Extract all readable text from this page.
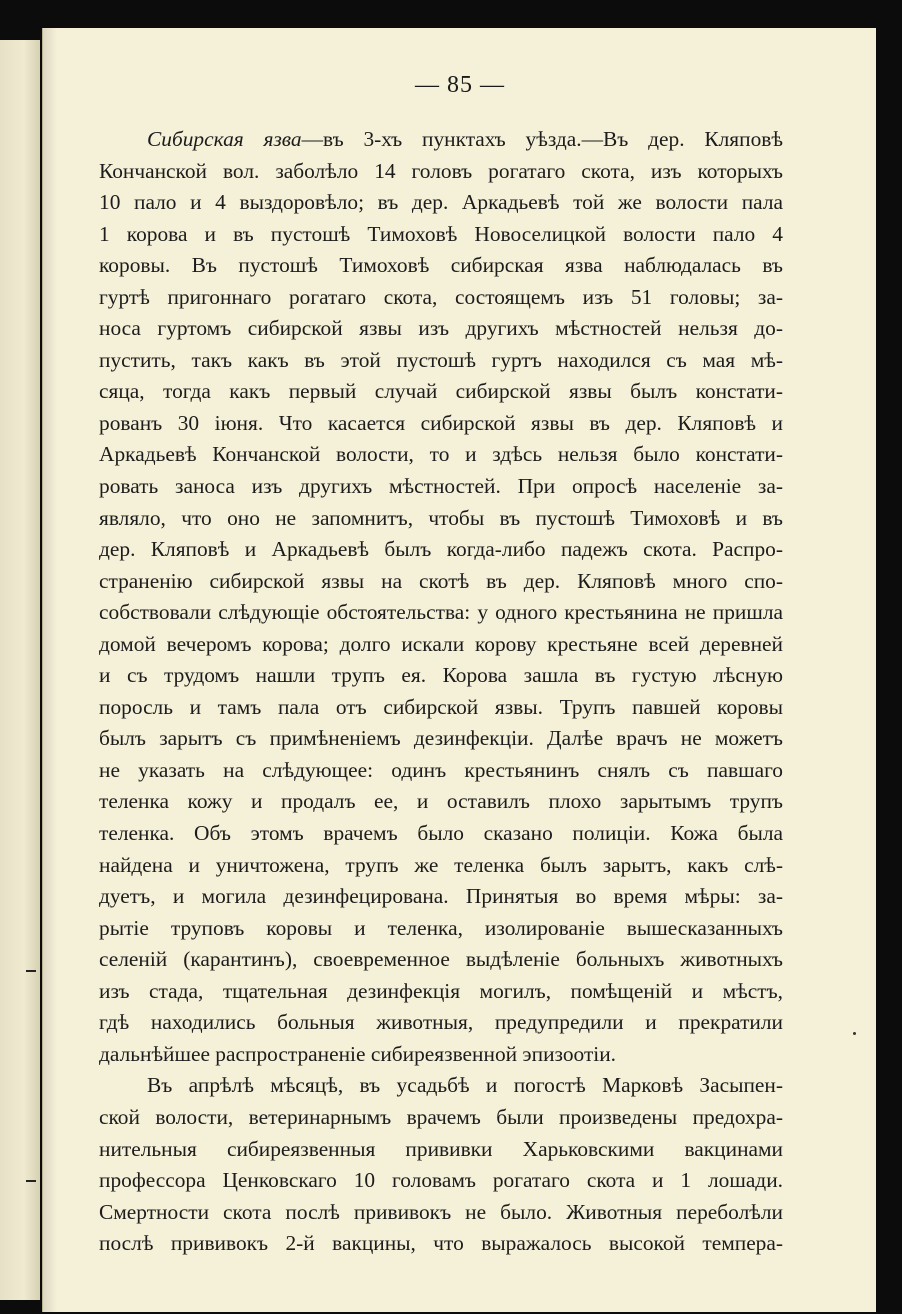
— 85 —
Сибирская язва—въ 3-хъ пунктахъ уѣзда.—Въ дер. Кляповѣ
Кончанской вол. заболѣло 14 головъ рогатаго скота, изъ которыхъ
10 пало и 4 выздоровѣло; въ дер. Аркадьевѣ той же волости пала
1 корова и въ пустошѣ Тимоховѣ Новоселицкой волости пало 4
коровы. Въ пустошѣ Тимоховѣ сибирская язва наблюдалась въ
гуртѣ пригоннаго рогатаго скота, состоящемъ изъ 51 головы; за-
носа гуртомъ сибирской язвы изъ другихъ мѣстностей нельзя до-
пустить, такъ какъ въ этой пустошѣ гуртъ находился съ мая мѣ-
сяца, тогда какъ первый случай сибирской язвы былъ констати-
рованъ 30 іюня. Что касается сибирской язвы въ дер. Кляповѣ и
Аркадьевѣ Кончанской волости, то и здѣсь нельзя было констати-
ровать заноса изъ другихъ мѣстностей. При опросѣ населеніе за-
являло, что оно не запомнитъ, чтобы въ пустошѣ Тимоховѣ и въ
дер. Кляповѣ и Аркадьевѣ былъ когда-либо падежъ скота. Распро-
страненію сибирской язвы на скотѣ въ дер. Кляповѣ много спо-
собствовали слѣдующіе обстоятельства: у одного крестьянина не пришла
домой вечеромъ корова; долго искали корову крестьяне всей деревней
и съ трудомъ нашли трупъ ея. Корова зашла въ густую лѣсную
поросль и тамъ пала отъ сибирской язвы. Трупъ павшей коровы
былъ зарытъ съ примѣненіемъ дезинфекціи. Далѣе врачъ не можетъ
не указать на слѣдующее: одинъ крестьянинъ снялъ съ павшаго
теленка кожу и продалъ ее, и оставилъ плохо зарытымъ трупъ
теленка. Объ этомъ врачемъ было сказано полиціи. Кожа была
найдена и уничтожена, трупъ же теленка былъ зарытъ, какъ слѣ-
дуетъ, и могила дезинфецирована. Принятыя во время мѣры: за-
рытіе труповъ коровы и теленка, изолированіе вышесказанныхъ
селеній (карантинъ), своевременное выдѣленіе больныхъ животныхъ
изъ стада, тщательная дезинфекція могилъ, помѣщеній и мѣстъ,
гдѣ находились больныя животныя, предупредили и прекратили
дальнѣйшее распространеніе сибиреязвенной эпизоотіи.
Въ апрѣлѣ мѣсяцѣ, въ усадьбѣ и погостѣ Марковѣ Засыпен-
ской волости, ветеринарнымъ врачемъ были произведены предохра-
нительныя сибиреязвенныя прививки Харьковскими вакцинами
профессора Ценковскаго 10 головамъ рогатаго скота и 1 лошади.
Смертности скота послѣ прививокъ не было. Животныя переболѣли
послѣ прививокъ 2-й вакцины, что выражалось высокой темпера-
